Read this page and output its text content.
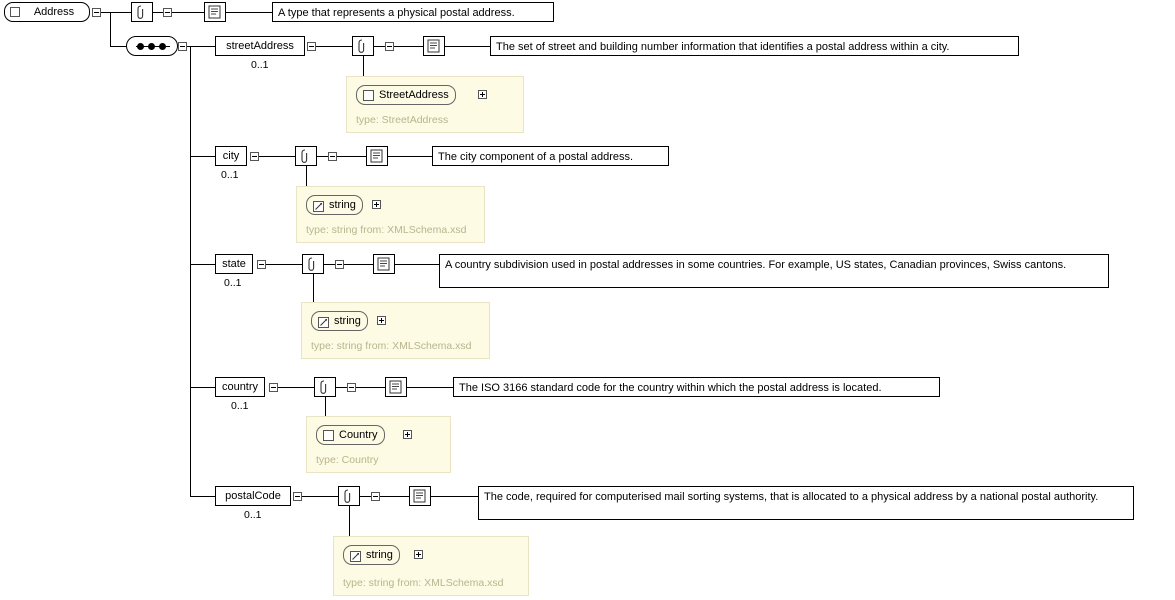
Address	A type that represents a physical postal address.
streetAddress
0..1
The set of street and building number information that identifies a postal address within a city.
StreetAddress
type: StreetAddress
city
0..1
The city component of a postal address.
string
type: string from: XMLSchema.xsd
state
0..1
A country subdivision used in postal addresses in some countries. For example, US states, Canadian provinces, Swiss cantons.
string
type: string from: XMLSchema.xsd
country
0..1
The ISO 3166 standard code for the country within which the postal address is located.
Country
type: Country
postalCode
0..1
The code, required for computerised mail sorting systems, that is allocated to a physical address by a national postal authority.
string
type: string from: XMLSchema.xsd
